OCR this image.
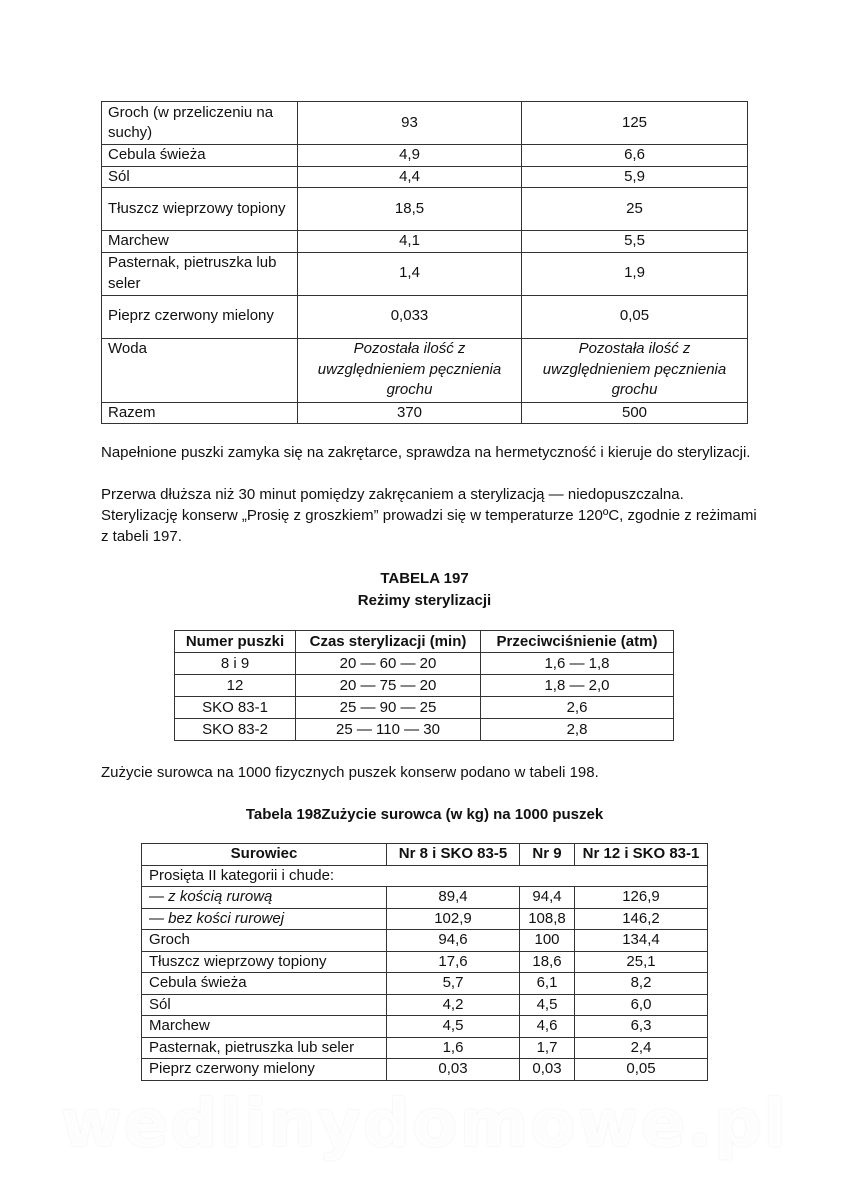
Groch (w przeliczeniu na suchy)	93	125
Cebula świeża	4,9	6,6
Sól	4,4	5,9
Tłuszcz wieprzowy topiony	18,5	25
Marchew	4,1	5,5
Pasternak, pietruszka lub seler	1,4	1,9
Pieprz czerwony mielony	0,033	0,05
Woda	Pozostała ilość z uwzględnieniem pęcznienia grochu	Pozostała ilość z uwzględnieniem pęcznienia grochu
Razem	370	500

Napełnione puszki zamyka się na zakrętarce, sprawdza na hermetyczność i kieruje do sterylizacji.

Przerwa dłuższa niż 30 minut pomiędzy zakręcaniem a sterylizacją — niedopuszczalna.

Sterylizację konserw „Prosię z groszkiem” prowadzi się w temperaturze 120ºC, zgodnie z reżimami z tabeli 197.

TABELA 197

Reżimy sterylizacji

Numer puszki	Czas sterylizacji (min)	Przeciwciśnienie (atm)
8 i 9	20 — 60 — 20	1,6 — 1,8
12	20 — 75 — 20	1,8 — 2,0
SKO 83-1	25 — 90 — 25	2,6
SKO 83-2	25 — 110 — 30	2,8

Zużycie surowca na 1000 fizycznych puszek konserw podano w tabeli 198.

Tabela 198Zużycie surowca (w kg) na 1000 puszek

Surowiec	Nr 8 i SKO 83-5	Nr 9	Nr 12 i SKO 83-1
Prosięta II kategorii i chude:			
— z kością rurową	89,4	94,4	126,9
— bez kości rurowej	102,9	108,8	146,2
Groch	94,6	100	134,4
Tłuszcz wieprzowy topiony	17,6	18,6	25,1
Cebula świeża	5,7	6,1	8,2
Sól	4,2	4,5	6,0
Marchew	4,5	4,6	6,3
Pasternak, pietruszka lub seler	1,6	1,7	2,4
Pieprz czerwony mielony	0,03	0,03	0,05
wedlinydomowe.pl
